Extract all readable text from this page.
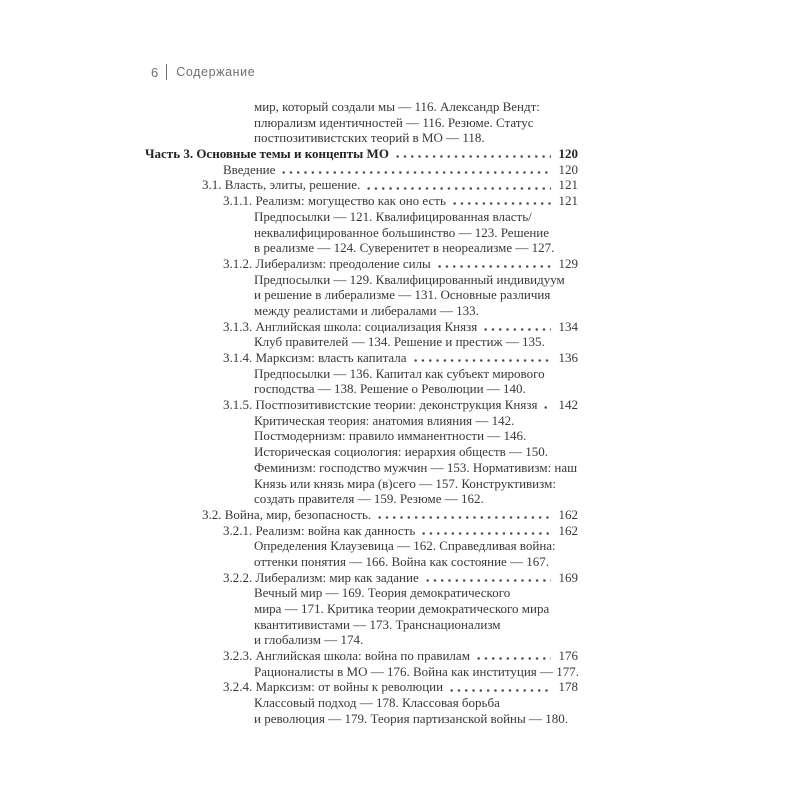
6	Содержание
мир, который создали мы — 116. Александр Вендт:
плюрализм идентичностей — 116. Резюме. Статус
постпозитивистских теорий в МО — 118.
Часть 3. Основные темы и концепты МО	120
Введение	120
3.1. Власть, элиты, решение.	121
3.1.1. Реализм: могущество как оно есть	121
Предпосылки — 121. Квалифицированная власть/
неквалифицированное большинство — 123. Решение
в реализме — 124. Суверенитет в неореализме — 127.
3.1.2. Либерализм: преодоление силы	129
Предпосылки — 129. Квалифицированный индивидуум
и решение в либерализме — 131. Основные различия
между реалистами и либералами — 133.
3.1.3. Английская школа: социализация Князя	134
Клуб правителей — 134. Решение и престиж — 135.
3.1.4. Марксизм: власть капитала	136
Предпосылки — 136. Капитал как субъект мирового
господства — 138. Решение о Революции — 140.
3.1.5. Постпозитивистские теории: деконструкция Князя	142
Критическая теория: анатомия влияния — 142.
Постмодернизм: правило имманентности — 146.
Историческая социология: иерархия обществ — 150.
Феминизм: господство мужчин — 153. Нормативизм: наш
Князь или князь мира (в)сего — 157. Конструктивизм:
создать правителя — 159. Резюме — 162.
3.2. Война, мир, безопасность.	162
3.2.1. Реализм: война как данность	162
Определения Клаузевица — 162. Справедливая война:
оттенки понятия — 166. Война как состояние — 167.
3.2.2. Либерализм: мир как задание	169
Вечный мир — 169. Теория демократического
мира — 171. Критика теории демократического мира
квантитивистами — 173. Транснационализм
и глобализм — 174.
3.2.3. Английская школа: война по правилам	176
Рационалисты в МО — 176. Война как институция — 177.
3.2.4. Марксизм: от войны к революции	178
Классовый подход — 178. Классовая борьба
и революция — 179. Теория партизанской войны — 180.
